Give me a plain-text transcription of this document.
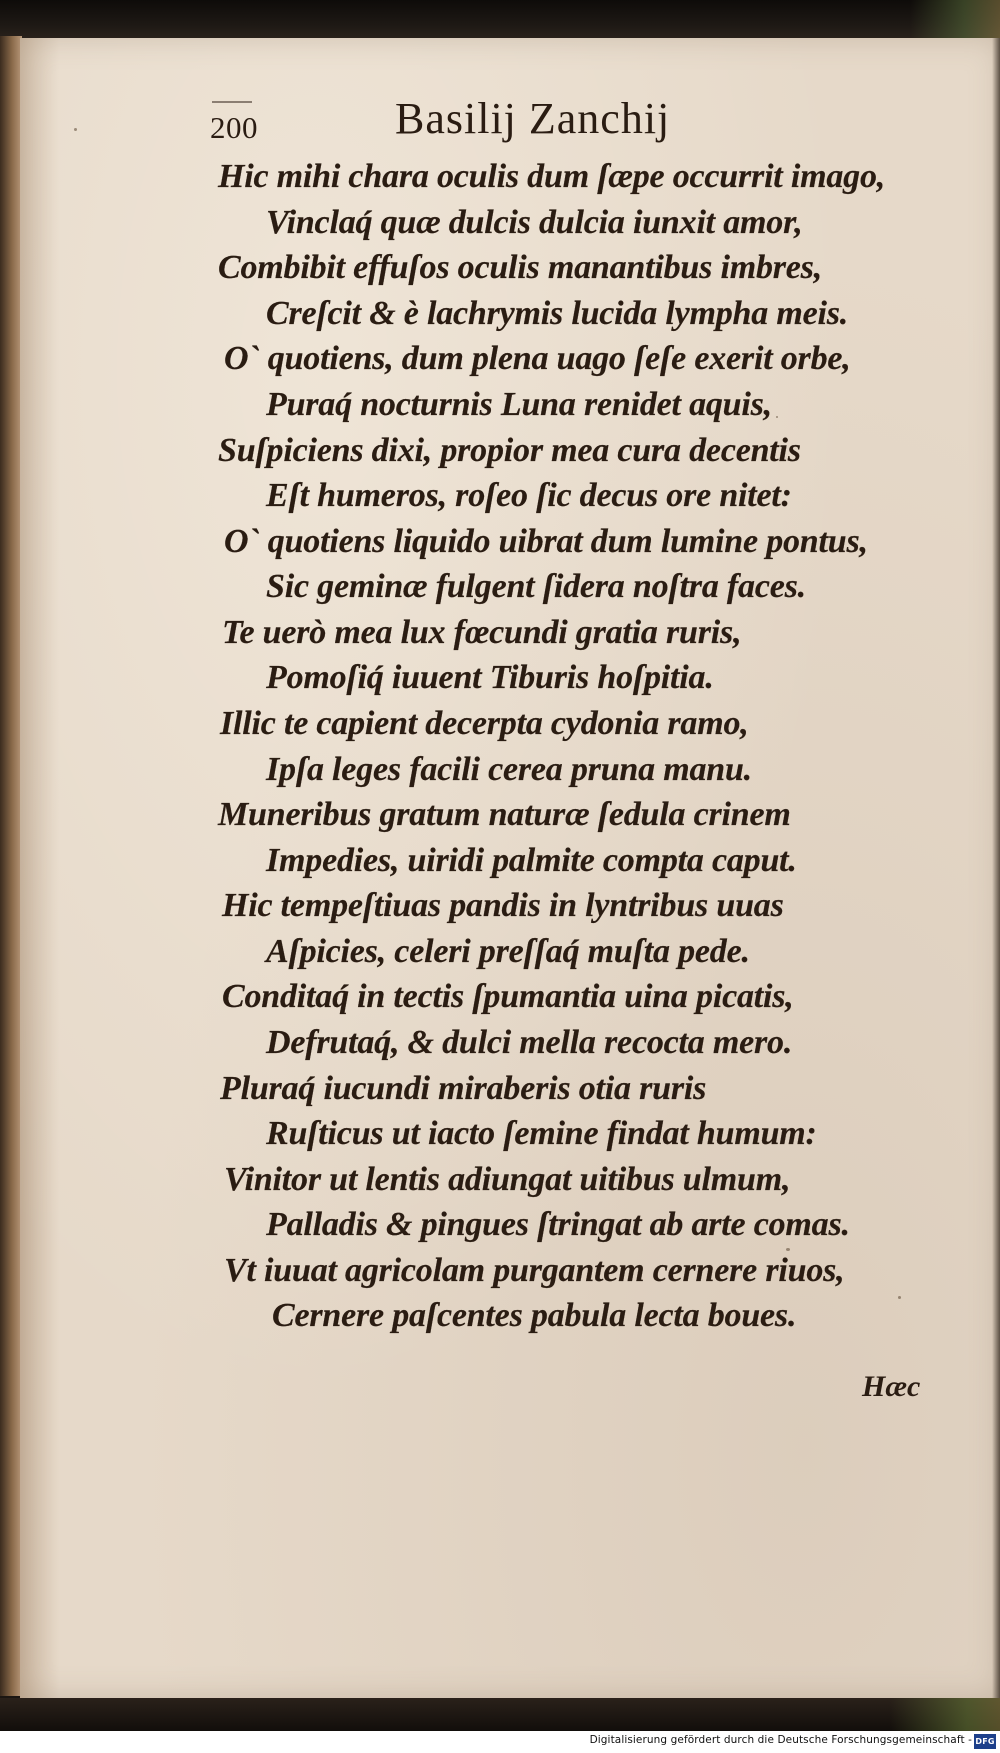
200	Basilij Zanchij
Hic mihi chara oculis dum ſæpe occurrit imago,
Vinclaq́ quæ dulcis dulcia iunxit amor,
Combibit effuſos oculis manantibus imbres,
Creſcit & è lachrymis lucida lympha meis.
O` quotiens, dum plena uago ſeſe exerit orbe,
Puraq́ nocturnis Luna renidet aquis,
Suſpiciens dixi, propior mea cura decentis
Eſt humeros, roſeo ſic decus ore nitet:
O` quotiens liquido uibrat dum lumine pontus,
Sic geminæ fulgent ſidera noſtra faces.
Te uerò mea lux fœcundi gratia ruris,
Pomoſiq́ iuuent Tiburis hoſpitia.
Illic te capient decerpta cydonia ramo,
Ipſa leges facili cerea pruna manu.
Muneribus gratum naturæ ſedula crinem
Impedies, uiridi palmite compta caput.
Hic tempeſtiuas pandis in lyntribus uuas
Aſpicies, celeri preſſaq́ muſta pede.
Conditaq́ in tectis ſpumantia uina picatis,
Defrutaq́, & dulci mella recocta mero.
Pluraq́ iucundi miraberis otia ruris
Ruſticus ut iacto ſemine findat humum:
Vinitor ut lentis adiungat uitibus ulmum,
Palladis & pingues ſtringat ab arte comas.
Vt iuuat agricolam purgantem cernere riuos,
Cernere paſcentes pabula lecta boues.
Hæc
Digitalisierung gefördert durch die Deutsche Forschungsgemeinschaft - DFG
